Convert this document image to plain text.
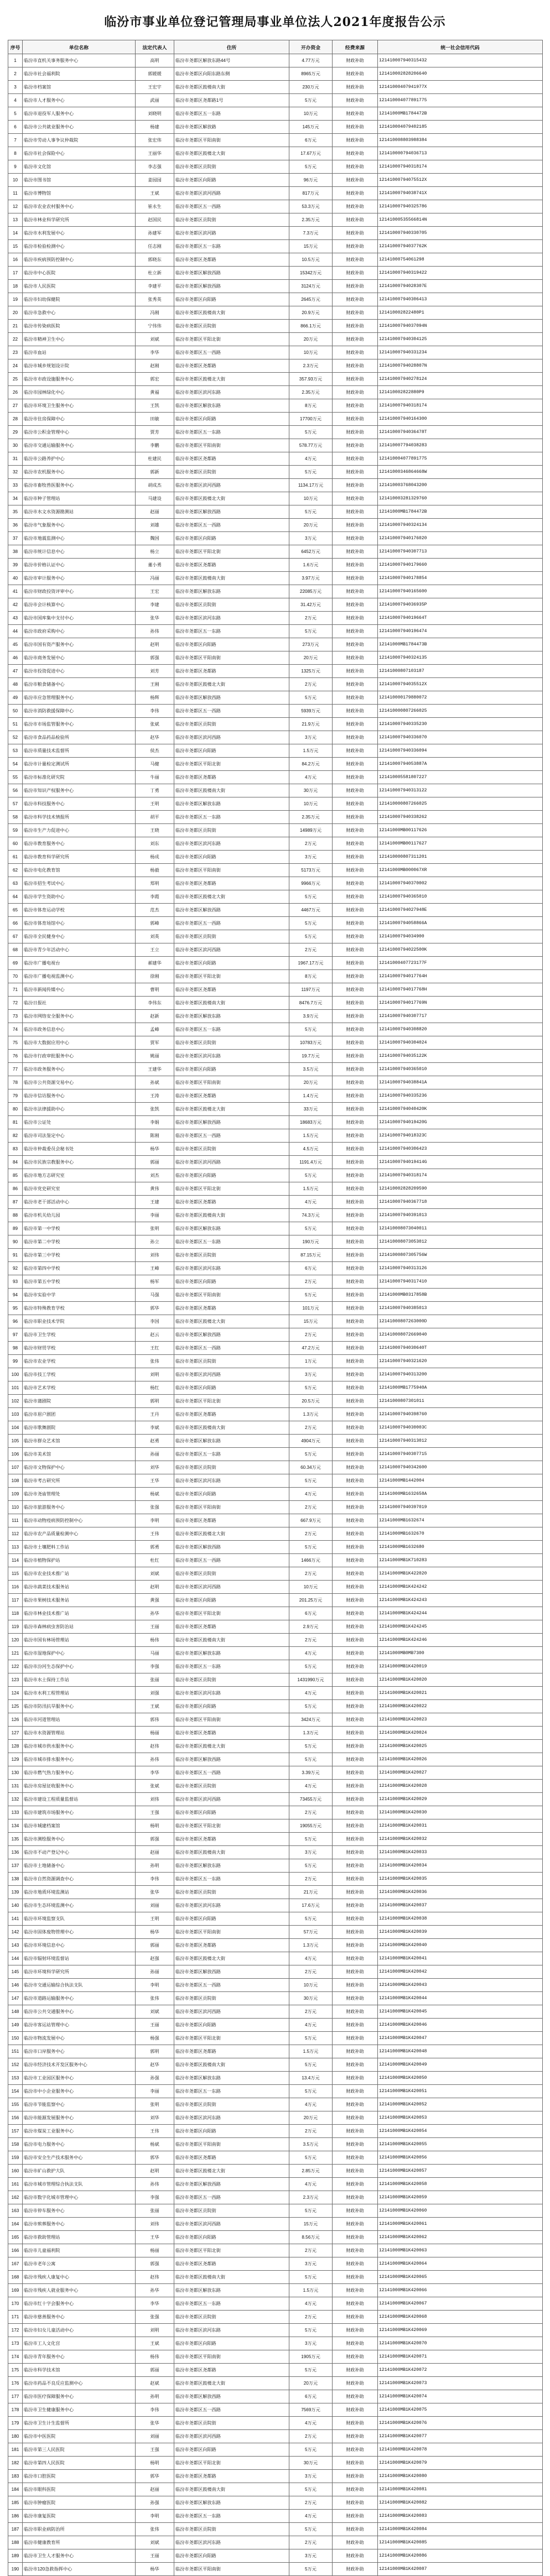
临汾市事业单位登记管理局事业单位法人2021年度报告公示
序号	单位名称	法定代表人	住所	开办资金	经费来源	统一社会信用代码
1	临汾市直机关事务服务中心	高明	临汾市尧都区解放东路44号	4.77万元	财政补助	121410007940315432
2	临汾市社会福利院	郭媛媛	临汾市尧都区向阳东路东侧	8965万元	财政补助	121410002828206640
3	临汾市档案馆	王宏宇	临汾市尧都区鼓楼南大街	230万元	财政补助	12141000407941977X
4	临汾市人才服务中心	武丽	临汾市尧都区尧都路1号	5万元	财政补助	121410004077891775
5	临汾市退役军人服务中心	刘晓明	临汾市尧都区五一东路	10万元	财政补助	12141000MB1784472B
6	临汾市公共就业服务中心	杨建	临汾市尧都区解放路	145万元	财政补助	121410004079402185
7	临汾市劳动人事争议仲裁院	张宏伟	临汾市尧都区平阳南街	6万元	财政补助	121410008803988384
8	临汾市社会保险中心	王丽华	临汾市尧都区鼓楼北大街	17.67万元	财政补助	121410000794036713
9	临汾市文化馆	李志强	临汾市尧都区贡院街	5万元	财政补助	121410007940318174
10	临汾市图书馆	姜园园	临汾市尧都区向阳路	96万元	财政补助	12141000794075512X
11	临汾市博物馆	王斌	临汾市尧都区滨河西路	817万元	财政补助	12141000794038741X
12	临汾市农业农村服务中心	崔永生	临汾市尧都区五一西路	53.3万元	财政补助	121410007940325786
13	临汾市林业科学研究所	赵国民	临汾市尧都区贡院街	2.35万元	财政补助	12141000535566814N
14	临汾市水利发展中心	孙建军	临汾市尧都区滨河路	7.3万元	财政补助	121410007940330705
15	临汾市检验检测中心	任志刚	临汾市尧都区五一东路	15万元	财政补助	12141000794037762K
16	临汾市疾病预防控制中心	郭晓东	临汾市尧都区尧都路	10.5万元	财政补助	12141000754061298
17	临汾市中心医院	杜立新	临汾市尧都区解放西路	15342万元	财政补助	121410007940319422
18	临汾市人民医院	李建平	临汾市尧都区解放西路	3124万元	财政补助	12141000794028307E
19	临汾市妇幼保健院	张秀英	临汾市尧都区向阳路	2645万元	财政补助	121410007940306413
20	临汾市急救中心	冯刚	临汾市尧都区鼓楼南大街	20.9万元	财政补助	121410002822480P1
21	临汾市传染病医院	宁伟伟	临汾市尧都区贡院街	866.1万元	财政补助	12141000794037094N
22	临汾市精神卫生中心	刘斌	临汾市尧都区平阳北街	20万元	财政补助	121410007940304125
23	临汾市血站	李华	临汾市尧都区五一西路	10万元	财政补助	121410007940331234
24	临汾市城乡规划设计院	赵刚	临汾市尧都区尧都路	2.3万元	财政补助	12141000794028807N
25	临汾市市政设施服务中心	郭宏	临汾市尧都区鼓楼北大街	357.93万元	财政补助	121410007940278124
26	临汾市园林绿化中心	黄福	临汾市尧都区滨河东路	2.35万元	财政补助	121410002822880P9
27	临汾市环境卫生服务中心	王凯	临汾市尧都区解放东路	8万元	财政补助	121410007940318174
28	临汾市住房保障中心	田敏	临汾市尧都区向阳路	17700万元	财政补助	121410007940164300
29	临汾市公积金管理中心	贾芳	临汾市尧都区五一东路	5万元	财政补助	12141000794036478T
30	临汾市交通运输服务中心	李鹏	临汾市尧都区平阳南街	578.77万元	财政补助	121410007794038283
31	临汾市公路养护中心	杜建民	临汾市尧都区尧都路	4万元	财政补助	121410004077891775
32	临汾市农机服务中心	郭新	临汾市尧都区贡院街	5万元	财政补助	12141000346864668W
33	临汾市畜牧兽医服务中心	胡成杰	临汾市尧都区滨河西路	1134.17万元	财政补助	121410003768043200
34	临汾市种子管理站	马建设	临汾市尧都区鼓楼北大街	10万元	财政补助	121410003281329760
35	临汾市水文水资源勘测站	赵丽	临汾市尧都区解放西路	5万元	财政补助	12141000MB1784472B
36	临汾市气象服务中心	刘雄	临汾市尧都区五一西路	20万元	财政补助	121410007940324134
37	临汾市地震监测中心	魏国	临汾市尧都区向阳路	3万元	财政补助	121410007940176020
38	临汾市统计信息中心	杨立	临汾市尧都区平阳北街	6452万元	财政补助	121410007940307713
39	临汾市价格认证中心	董小勇	临汾市尧都区尧都路	1.6万元	财政补助	121410007940179660
40	临汾市审计服务中心	冯丽	临汾市尧都区鼓楼南大街	3.97万元	财政补助	121410007940178854
41	临汾市财政投资评审中心	王宏	临汾市尧都区解放东路	22085万元	财政补助	121410007940165600
42	临汾市会计核算中心	李建	临汾市尧都区贡院街	31.42万元	财政补助	12141000794036935P
43	临汾市国库集中支付中心	张华	临汾市尧都区滨河东路	2万元	财政补助	12141000794019664T
44	临汾市政府采购中心	孙伟	临汾市尧都区五一东路	5万元	财政补助	121410007940196474
45	临汾市国有资产服务中心	赵明	临汾市尧都区向阳路	273万元	财政补助	12141000MB1784473B
46	临汾市商务发展中心	郭强	临汾市尧都区平阳南街	20万元	财政补助	121410007940324135
47	临汾市投资促进中心	刘芳	临汾市尧都区尧都路	1325万元	财政补助	12141000807103187
48	临汾市粮食储备中心	王刚	临汾市尧都区鼓楼北大街	2万元	财政补助	12141000794035512X
49	临汾市应急管理服务中心	杨辉	临汾市尧都区解放西路	5万元	财政补助	121410000179880072
50	临汾市消防救援保障中心	李伟	临汾市尧都区五一西路	5939万元	财政补助	121410000807266025
51	临汾市市场监管服务中心	张斌	临汾市尧都区贡院街	21.9万元	财政补助	121410007940335230
52	临汾市食品药品检验所	赵华	临汾市尧都区滨河西路	3万元	财政补助	121410007940336070
53	临汾市质量技术监督所	侯杰	临汾市尧都区向阳路	1.5万元	财政补助	121410007940336094
54	临汾市计量检定测试所	马健	临汾市尧都区平阳北街	84.2万元	财政补助	12141000794053887A
55	临汾市标准化研究院	牛丽	临汾市尧都区尧都路	4万元	财政补助	121410005581807227
56	临汾市知识产权服务中心	丁勇	临汾市尧都区鼓楼南大街	30万元	财政补助	121410007940313122
57	临汾市科技服务中心	王明	临汾市尧都区解放东路	10万元	财政补助	121410000807266025
58	临汾市科学技术情报所	胡平	临汾市尧都区五一东路	2.35万元	财政补助	121410007940338262
59	临汾市生产力促进中心	王晓	临汾市尧都区贡院街	14989万元	财政补助	12141000MB00117626
60	临汾市教育服务中心	刘东	临汾市尧都区滨河东路	2万元	财政补助	12141000MB00117627
61	临汾市教育科学研究所	杨成	临汾市尧都区向阳路	3万元	财政补助	121410000807311201
62	临汾市电化教育馆	杨毅	临汾市尧都区平阳南街	5173万元	财政补助	12141000MB000067XR
63	临汾市招生考试中心	郑明	临汾市尧都区尧都路	9966万元	财政补助	121410007940370002
64	临汾市学生资助中心	李霞	临汾市尧都区鼓楼北大街	5万元	财政补助	121410007940365010
65	临汾市体育运动学校	范杰	临汾市尧都区解放西路	4467万元	财政补助	12141000794027948E
66	临汾市体育场馆中心	郭峰	临汾市尧都区五一西路	5万元	财政补助	12141000794058866A
67	临汾市全民健身中心	刘英	临汾市尧都区贡院街	5万元	财政补助	12141000794034900
68	临汾市青少年活动中心	王立	临汾市尧都区滨河西路	2万元	财政补助	12141000794022500K
69	临汾市广播电视台	郝建华	临汾市尧都区向阳路	1967.17万元	财政补助	12141000407723177F
70	临汾市广播电视监测中心	徐刚	临汾市尧都区平阳北街	8万元	财政补助	12141000794017764H
71	临汾市新闻传媒中心	曹明	临汾市尧都区尧都路	1197万元	财政补助	12141000794017768H
72	临汾日报社	李伟东	临汾市尧都区鼓楼南大街	8476.7万元	财政补助	12141000794017769N
73	临汾市网络安全服务中心	赵新	临汾市尧都区解放东路	3.9万元	财政补助	121410007940307717
74	临汾市政务信息中心	孟峰	临汾市尧都区五一东路	5万元	财政补助	121410007940308820
75	临汾市大数据应用中心	贾军	临汾市尧都区贡院街	10783万元	财政补助	121410007940304024
76	临汾市行政审批服务中心	姚丽	临汾市尧都区滨河东路	19.7万元	财政补助	12141000794035122K
77	临汾市政务服务中心	王建华	临汾市尧都区向阳路	3.5万元	财政补助	121410007940365010
78	临汾市公共资源交易中心	孙斌	临汾市尧都区平阳南街	20万元	财政补助	12141000794038841A
79	临汾市信访服务中心	王涛	临汾市尧都区尧都路	1.4万元	财政补助	121410007940335236
80	临汾市法律援助中心	张凯	临汾市尧都区鼓楼北大街	33万元	财政补助	12141000794040420K
81	临汾市公证处	李娟	临汾市尧都区解放西路	18683万元	财政补助	12141000794019420G
82	临汾市司法鉴定中心	陈刚	临汾市尧都区五一西路	1.5万元	财政补助	12141000794018323C
83	临汾市仲裁委员会秘书处	杨华	临汾市尧都区贡院街	4.5万元	财政补助	121410007940306423
84	临汾市民族宗教服务中心	郭丽	临汾市尧都区滨河西路	1191.4万元	财政补助	12141000794019414G
85	临汾市地方志研究室	刘杰	临汾市尧都区向阳路	5万元	财政补助	121410007940318174
86	临汾市党史研究室	黄伟	临汾市尧都区平阳北街	1.5万元	财政补助	121410002828209590
87	临汾市老干部活动中心	王建	临汾市尧都区尧都路	4万元	财政补助	121410007940367718
88	临汾市机关幼儿园	李丽	临汾市尧都区鼓楼南大街	74.3万元	财政补助	121410007940391013
89	临汾市第一中学校	张明	临汾市尧都区解放东路	5万元	财政补助	121410008073040011
90	临汾市第二中学校	孙立	临汾市尧都区五一东路	190万元	财政补助	121410008073053012
91	临汾市第三中学校	刘伟	临汾市尧都区贡院街	87.15万元	财政补助	12141000807305756W
92	临汾市第四中学校	王峰	临汾市尧都区滨河东路	6万元	财政补助	121410007940313126
93	临汾市第五中学校	杨军	临汾市尧都区向阳路	2万元	财政补助	121410007940317410
94	临汾市实验中学	马强	临汾市尧都区平阳南街	5万元	财政补助	12141000MB0317858B
95	临汾市特殊教育学校	郭华	临汾市尧都区尧都路	101万元	财政补助	121410007940385013
96	临汾市职业技术学院	李国	临汾市尧都区鼓楼北大街	15万元	财政补助	12141000807263000D
97	临汾市卫生学校	赵云	临汾市尧都区解放西路	2万元	财政补助	121410008072669040
98	临汾市财贸学校	王红	临汾市尧都区五一西路	47.2万元	财政补助	12141000794030640T
99	临汾市农业学校	张伟	临汾市尧都区贡院街	1万元	财政补助	121410007940321620
100	临汾市技工学校	刘明	临汾市尧都区滨河西路	3万元	财政补助	121410007940313200
101	临汾市艺术学校	杨红	临汾市尧都区向阳路	5万元	财政补助	12141000MB1775940A
102	临汾市蒲剧院	郭明	临汾市尧都区平阳北街	20.5万元	财政补助	12141000807301011
103	临汾市眉户剧团	王丹	临汾市尧都区尧都路	1.3万元	财政补助	121410007940398760
104	临汾市歌舞剧院	李斌	临汾市尧都区鼓楼南大街	2万元	财政补助	12141000794030003C
105	临汾市群众艺术馆	赵勇	临汾市尧都区解放东路	4904万元	财政补助	121410007940313012
106	临汾市美术馆	孙丽	临汾市尧都区五一东路	5万元	财政补助	121410007940307715
107	临汾市文物保护中心	刘华	临汾市尧都区贡院街	60.34万元	财政补助	121410007940342600
108	临汾市考古研究所	王华	临汾市尧都区滨河东路	5万元	财政补助	12141000MB1442004
109	临汾市尧庙管理处	杨斌	临汾市尧都区向阳路	4万元	财政补助	12141000MB1632658A
110	临汾市旅游服务中心	张强	临汾市尧都区平阳南街	2万元	财政补助	121410007940397019
111	临汾市动物疫病预防控制中心	李明	临汾市尧都区尧都路	667.9万元	财政补助	12141000MB1632674
112	临汾市农产品质量检测中心	王伟	临汾市尧都区鼓楼北大街	2万元	财政补助	12141000MB1632670
113	临汾市土壤肥料工作站	郭勇	临汾市尧都区解放西路	5万元	财政补助	12141000MB1632680
114	临汾市植物保护站	杜红	临汾市尧都区五一西路	1466万元	财政补助	12141000MB1K710283
115	临汾市农业技术推广站	刘斌	临汾市尧都区贡院街	2万元	财政补助	12141000MB1K422020
116	临汾市蔬菜技术服务站	赵明	临汾市尧都区滨河西路	10万元	财政补助	12141000MB1K424242
117	临汾市果树技术服务站	黄强	临汾市尧都区向阳路	201.25万元	财政补助	12141000MB1K424243
118	临汾市林业技术推广站	孙华	临汾市尧都区平阳北街	6万元	财政补助	12141000MB1K424244
119	临汾市森林病虫害防治站	王丽	临汾市尧都区尧都路	2.9万元	财政补助	12141000MB1K424245
120	临汾市国有林场管理站	杨伟	临汾市尧都区鼓楼南大街	2万元	财政补助	12141000MB1K424246
121	临汾市湿地保护中心	马丽	临汾市尧都区解放东路	4万元	财政补助	12141000MB0MB7300
122	临汾市汾河生态保护中心	李强	临汾市尧都区五一东路	5万元	财政补助	12141000MB1K420019
123	临汾市水土保持工作站	张丽	临汾市尧都区贡院街	1431990万元	财政补助	12141000MB1K420020
124	临汾市水利工程管理站	刘强	临汾市尧都区滨河东路	4万元	财政补助	12141000MB1K420021
125	临汾市防汛抗旱服务中心	王斌	临汾市尧都区向阳路	5万元	财政补助	12141000MB1K420022
126	临汾市河道管理站	郭伟	临汾市尧都区平阳南街	3424万元	财政补助	12141000MB1K420023
127	临汾市水资源管理站	杨丽	临汾市尧都区尧都路	1.3万元	财政补助	12141000MB1K420024
128	临汾市城市供水服务中心	赵伟	临汾市尧都区鼓楼北大街	5万元	财政补助	12141000MB1K420025
129	临汾市城市排水服务中心	孙伟	临汾市尧都区解放西路	5万元	财政补助	12141000MB1K420026
130	临汾市燃气热力服务中心	李华	临汾市尧都区五一西路	3.39万元	财政补助	12141000MB1K420027
131	临汾市房屋征收服务中心	张斌	临汾市尧都区贡院街	4万元	财政补助	12141000MB1K420028
132	临汾市建设工程质量监督站	刘伟	临汾市尧都区滨河西路	73455万元	财政补助	12141000MB1K420029
133	临汾市建筑市场服务中心	王强	临汾市尧都区向阳路	2万元	财政补助	12141000MB1K420030
134	临汾市城建档案馆	杨明	临汾市尧都区平阳北街	19055万元	财政补助	12141000MB1K420031
135	临汾市测绘服务中心	郭强	临汾市尧都区尧都路	5万元	财政补助	12141000MB1K420032
136	临汾市不动产登记中心	赵丽	临汾市尧都区鼓楼南大街	3万元	财政补助	12141000MB1K420033
137	临汾市土地储备中心	孙明	临汾市尧都区解放东路	5万元	财政补助	12141000MB1K420034
138	临汾市自然资源调查中心	李伟	临汾市尧都区五一东路	2万元	财政补助	12141000MB1K420035
139	临汾市地质环境监测站	张华	临汾市尧都区贡院街	21万元	财政补助	12141000MB1K420036
140	临汾市生态环境监测中心	刘丽	临汾市尧都区滨河东路	17.6万元	财政补助	12141000MB1K420037
141	临汾市环境监察支队	王明	临汾市尧都区向阳路	5万元	财政补助	12141000MB1K420038
142	临汾市固体废物管理中心	杨华	临汾市尧都区平阳南街	57万元	财政补助	12141000MB1K420039
143	临汾市环境信息中心	郭丽	临汾市尧都区尧都路	1.3万元	财政补助	12141000MB1K420040
144	临汾市辐射环境监督站	赵强	临汾市尧都区鼓楼北大街	4万元	财政补助	12141000MB1K420041
145	临汾市环境科学研究所	孙丽	临汾市尧都区解放西路	2万元	财政补助	12141000MB1K420042
146	临汾市交通运输综合执法支队	李明	临汾市尧都区五一西路	10万元	财政补助	12141000MB1K420043
147	临汾市道路运输服务中心	张伟	临汾市尧都区贡院街	30万元	财政补助	12141000MB1K420044
148	临汾市公共交通服务中心	刘斌	临汾市尧都区滨河西路	2万元	财政补助	12141000MB1K420045
149	临汾市客运站管理中心	王丽	临汾市尧都区向阳路	4万元	财政补助	12141000MB1K420046
150	临汾市物流发展中心	杨强	临汾市尧都区平阳北街	5万元	财政补助	12141000MB1K420047
151	临汾市口岸服务中心	郭明	临汾市尧都区尧都路	1.5万元	财政补助	12141000MB1K420048
152	临汾市经济技术开发区服务中心	赵华	临汾市尧都区鼓楼南大街	5万元	财政补助	12141000MB1K420049
153	临汾市工业园区服务中心	孙强	临汾市尧都区解放东路	13.4万元	财政补助	12141000MB1K420050
154	临汾市中小企业服务中心	李丽	临汾市尧都区五一东路	5万元	财政补助	12141000MB1K420051
155	临汾市节能监察中心	张明	临汾市尧都区贡院街	4万元	财政补助	12141000MB1K420052
156	临汾市能源发展服务中心	刘华	临汾市尧都区滨河东路	20万元	财政补助	12141000MB1K420053
157	临汾市煤炭工业服务中心	王伟	临汾市尧都区向阳路	2万元	财政补助	12141000MB1K420054
158	临汾市电力服务中心	杨斌	临汾市尧都区平阳南街	3.5万元	财政补助	12141000MB1K420055
159	临汾市安全生产技术服务中心	郭华	临汾市尧都区尧都路	5万元	财政补助	12141000MB1K420056
160	临汾市矿山救护大队	赵明	临汾市尧都区鼓楼北大街	2.85万元	财政补助	12141000MB1K420057
161	临汾市城市管理综合执法支队	孙伟	临汾市尧都区解放西路	4万元	财政补助	12141000MB1K420058
162	临汾市数字化城市管理中心	李强	临汾市尧都区五一西路	2.3万元	财政补助	12141000MB1K420059
163	临汾市停车服务中心	张丽	临汾市尧都区贡院街	5万元	财政补助	12141000MB1K420060
164	临汾市殡葬服务中心	刘伟	临汾市尧都区滨河西路	15万元	财政补助	12141000MB1K420061
165	临汾市救助管理站	王华	临汾市尧都区向阳路	8.56万元	财政补助	12141000MB1K420062
166	临汾市儿童福利院	杨丽	临汾市尧都区平阳北街	2万元	财政补助	12141000MB1K420063
167	临汾市老年公寓	郭强	临汾市尧都区尧都路	3万元	财政补助	12141000MB1K420064
168	临汾市残疾人康复中心	赵伟	临汾市尧都区鼓楼南大街	5万元	财政补助	12141000MB1K420065
169	临汾市残疾人就业服务中心	孙华	临汾市尧都区解放东路	1.5万元	财政补助	12141000MB1K420066
170	临汾市红十字会服务中心	李华	临汾市尧都区五一东路	4万元	财政补助	12141000MB1K420067
171	临汾市慈善服务中心	张强	临汾市尧都区贡院街	2万元	财政补助	12141000MB1K420068
172	临汾市妇女儿童活动中心	刘明	临汾市尧都区滨河东路	5万元	财政补助	12141000MB1K420069
173	临汾市工人文化宫	王斌	临汾市尧都区向阳路	3万元	财政补助	12141000MB1K420070
174	临汾市青年服务中心	杨伟	临汾市尧都区平阳南街	1905万元	财政补助	12141000MB1K420071
175	临汾市科学技术馆	郭丽	临汾市尧都区尧都路	5万元	财政补助	12141000MB1K420072
176	临汾市药品不良反应监测中心	赵斌	临汾市尧都区鼓楼北大街	20万元	财政补助	12141000MB1K420073
177	临汾市医疗保障服务中心	孙明	临汾市尧都区解放西路	6万元	财政补助	12141000MB1K420074
178	临汾市卫生健康服务中心	李伟	临汾市尧都区五一西路	7569万元	财政补助	12141000MB1K420075
179	临汾市卫生计生监督所	张华	临汾市尧都区贡院街	4万元	财政补助	12141000MB1K420076
180	临汾市中医医院	刘丽	临汾市尧都区滨河西路	2万元	财政补助	12141000MB1K420077
181	临汾市第三人民医院	王强	临汾市尧都区向阳路	5万元	财政补助	12141000MB1K420078
182	临汾市第四人民医院	杨明	临汾市尧都区平阳北街	30万元	财政补助	12141000MB1K420079
183	临汾市口腔医院	郭华	临汾市尧都区尧都路	3万元	财政补助	12141000MB1K420080
184	临汾市眼科医院	赵丽	临汾市尧都区鼓楼南大街	5万元	财政补助	12141000MB1K420081
185	临汾市肿瘤医院	孙强	临汾市尧都区解放东路	2万元	财政补助	12141000MB1K420082
186	临汾市康复医院	李明	临汾市尧都区五一东路	4万元	财政补助	12141000MB1K420083
187	临汾市职业病防治所	张伟	临汾市尧都区贡院街	5万元	财政补助	12141000MB1K420084
188	临汾市健康教育所	刘斌	临汾市尧都区滨河东路	2万元	财政补助	12141000MB1K420085
189	临汾市卫生人才服务中心	王丽	临汾市尧都区向阳路	3万元	财政补助	12141000MB1K420086
190	临汾市120急救指挥中心	杨华	临汾市尧都区平阳南街	5万元	财政补助	12141000MB1K420087
